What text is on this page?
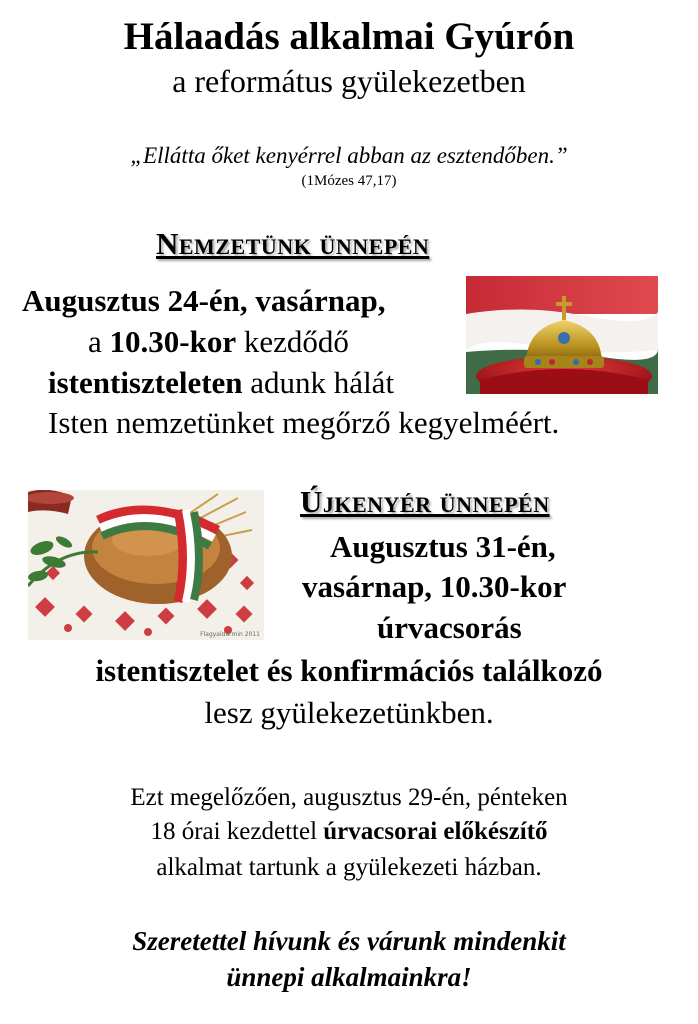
Hálaadás alkalmai Gyúrón
a református gyülekezetben
„Ellátta őket kenyérrel abban az esztendőben.”
(1Mózes 47,17)
Nemzetünk ünnepén
Augusztus 24-én, vasárnap,
a 10.30-kor kezdődő
istentiszteleten adunk hálát
Isten nemzetünket megőrző kegyelméért.
Flagyaldarmin 2011
Újkenyér ünnepén
Augusztus 31-én,
vasárnap, 10.30-kor
úrvacsorás
istentisztelet és konfirmációs találkozó
lesz gyülekezetünkben.
Ezt megelőzően, augusztus 29-én, pénteken
18 órai kezdettel úrvacsorai előkészítő
alkalmat tartunk a gyülekezeti házban.
Szeretettel hívunk és várunk mindenkit
ünnepi alkalmainkra!
